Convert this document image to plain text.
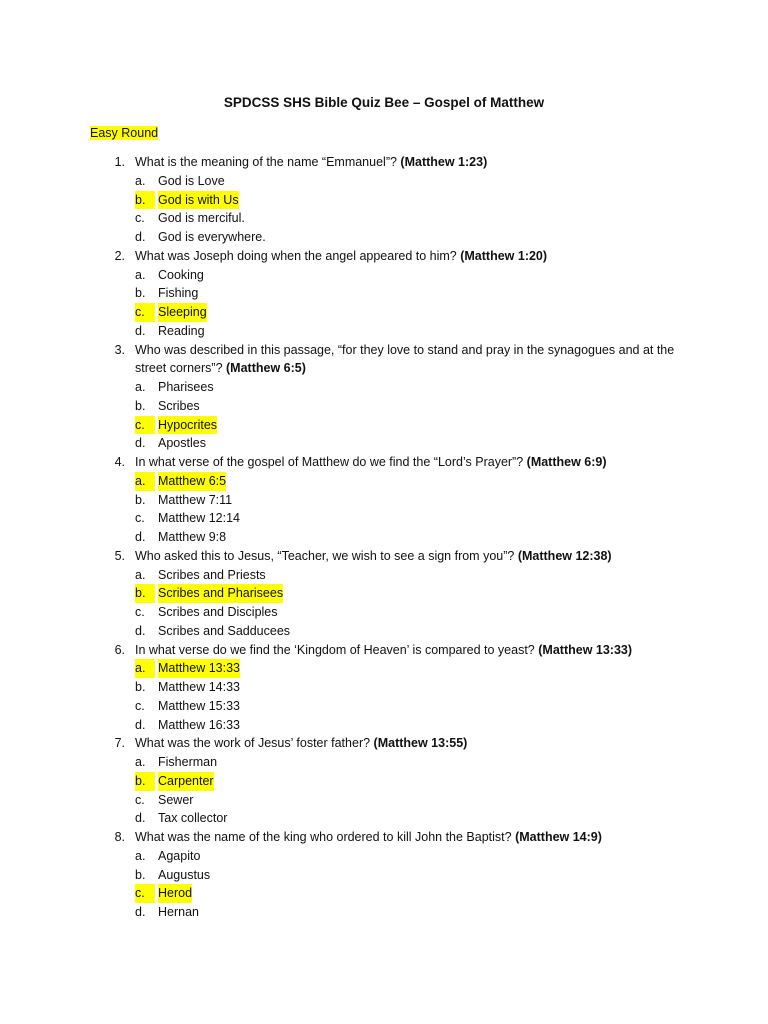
SPDCSS SHS Bible Quiz Bee – Gospel of Matthew
Easy Round
1. What is the meaning of the name “Emmanuel”? (Matthew 1:23)
a. God is Love
b.	God is with Us
c. God is merciful.
d. God is everywhere.
2. What was Joseph doing when the angel appeared to him? (Matthew 1:20)
a. Cooking
b. Fishing
c.	Sleeping
d. Reading
3. Who was described in this passage, “for they love to stand and pray in the synagogues and at the street corners”? (Matthew 6:5)
a. Pharisees
b. Scribes
c.	Hypocrites
d. Apostles
4. In what verse of the gospel of Matthew do we find the “Lord’s Prayer”? (Matthew 6:9)
a.	Matthew 6:5
b. Matthew 7:11
c. Matthew 12:14
d. Matthew 9:8
5. Who asked this to Jesus, “Teacher, we wish to see a sign from you”? (Matthew 12:38)
a. Scribes and Priests
b.	Scribes and Pharisees
c. Scribes and Disciples
d. Scribes and Sadducees
6. In what verse do we find the ‘Kingdom of Heaven’ is compared to yeast? (Matthew 13:33)
a.	Matthew 13:33
b. Matthew 14:33
c. Matthew 15:33
d. Matthew 16:33
7. What was the work of Jesus’ foster father? (Matthew 13:55)
a. Fisherman
b.	Carpenter
c. Sewer
d. Tax collector
8. What was the name of the king who ordered to kill John the Baptist? (Matthew 14:9)
a. Agapito
b. Augustus
c.	Herod
d. Hernan
